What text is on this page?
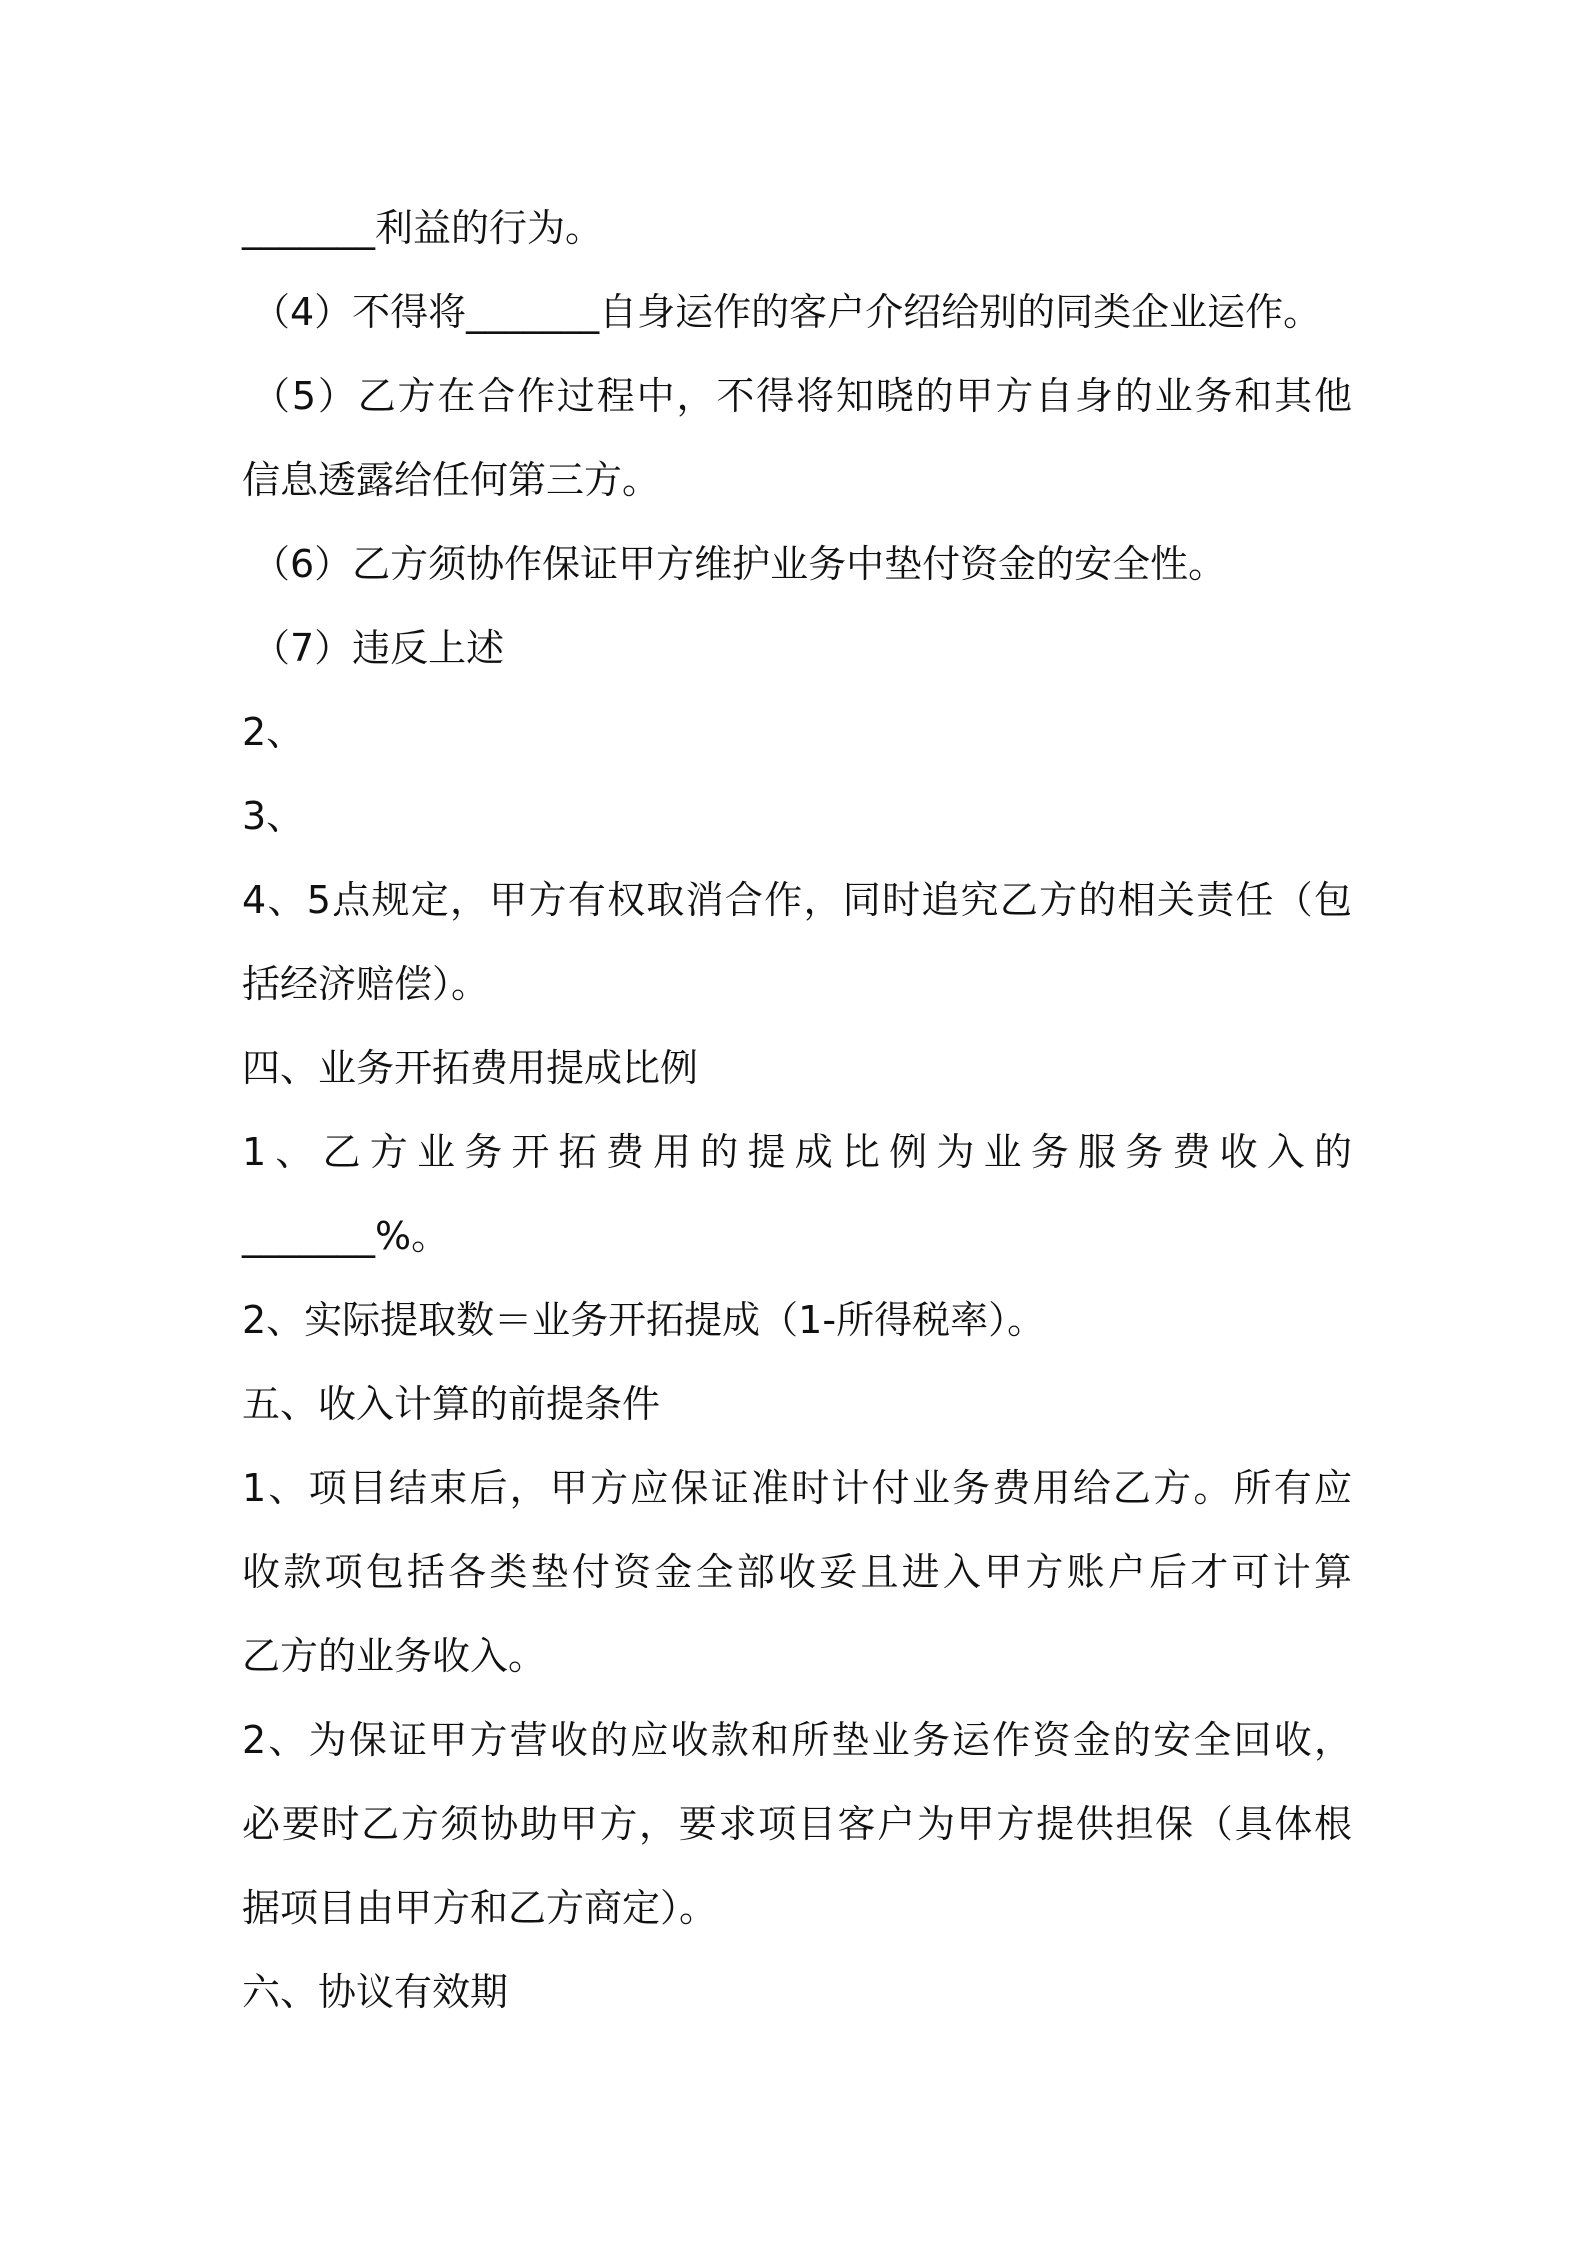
_______利益的行为。
（4）不得将_______自身运作的客户介绍给别的同类企业运作。
（5）乙方在合作过程中，不得将知晓的甲方自身的业务和其他
信息透露给任何第三方。
（6）乙方须协作保证甲方维护业务中垫付资金的安全性。
（7）违反上述
2、
3、
4、5点规定，甲方有权取消合作，同时追究乙方的相关责任（包
括经济赔偿）。
四、业务开拓费用提成比例
1、乙方业务开拓费用的提成比例为业务服务费收入的
_______%。
2、实际提取数＝业务开拓提成（1-所得税率）。
五、收入计算的前提条件
1、项目结束后，甲方应保证准时计付业务费用给乙方。所有应
收款项包括各类垫付资金全部收妥且进入甲方账户后才可计算
乙方的业务收入。
2、为保证甲方营收的应收款和所垫业务运作资金的安全回收，
必要时乙方须协助甲方，要求项目客户为甲方提供担保（具体根
据项目由甲方和乙方商定）。
六、协议有效期
